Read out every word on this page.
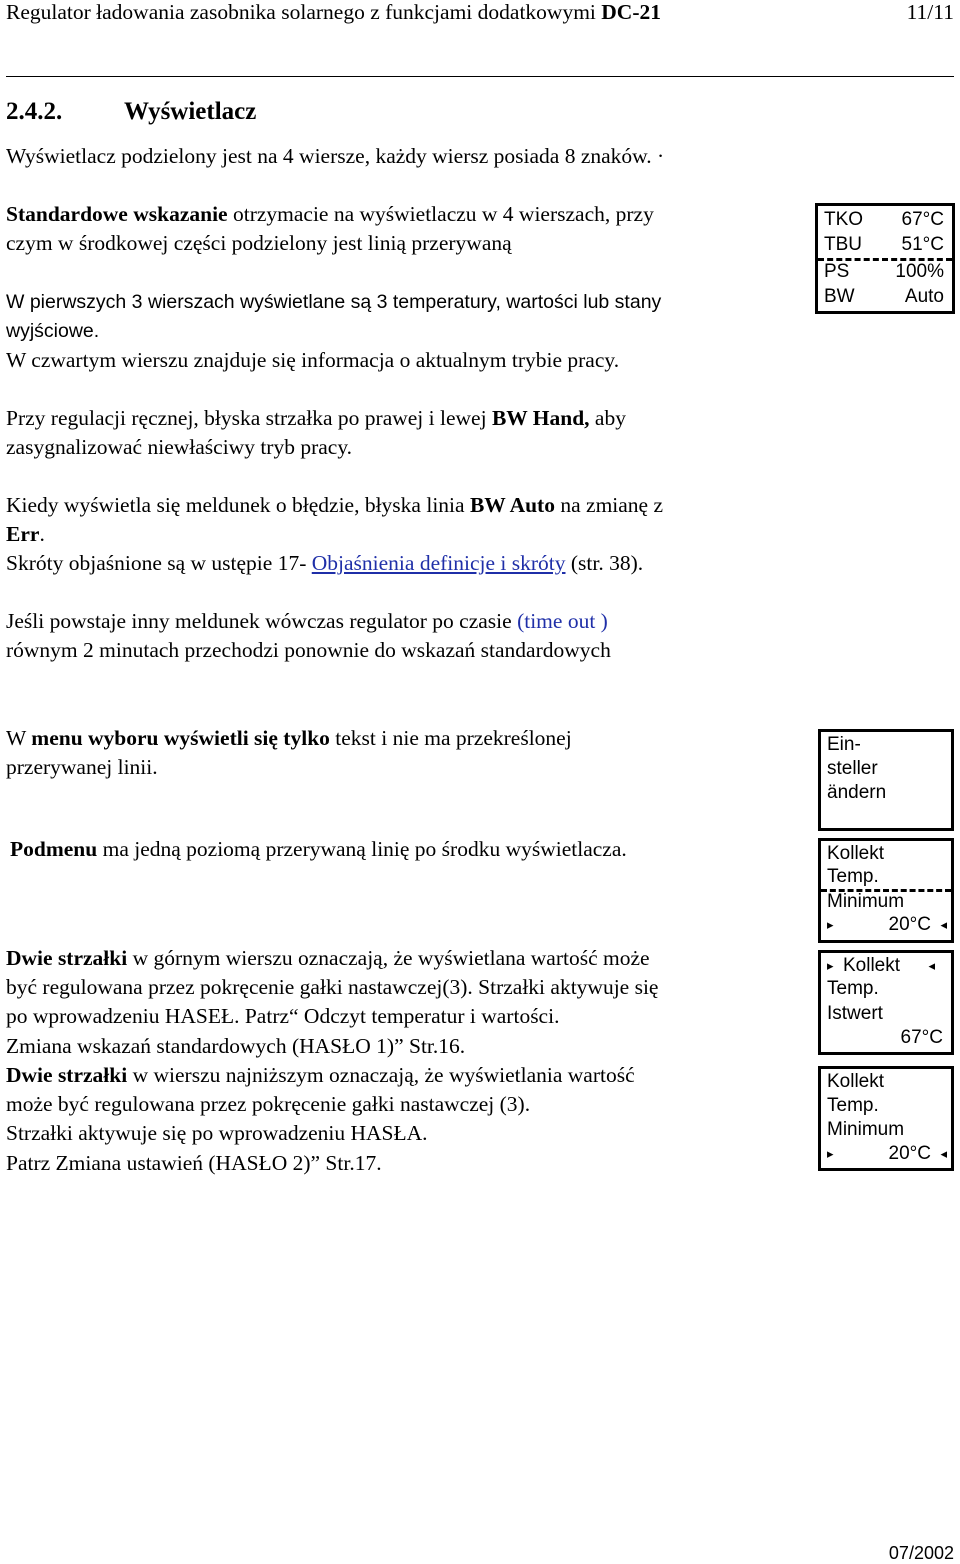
Regulator ładowania zasobnika solarnego z funkcjami dodatkowymi DC-21	11/11
2.4.2. Wyświetlacz
Wyświetlacz podzielony jest na 4 wiersze, każdy wiersz posiada 8 znaków. ·
Standardowe wskazanie otrzymacie na wyświetlaczu w 4 wierszach, przy
czym w środkowej części podzielony jest linią przerywaną
W pierwszych 3 wierszach wyświetlane są 3 temperatury, wartości lub stany
wyjściowe.
W czwartym wierszu znajduje się informacja o aktualnym trybie pracy.
Przy regulacji ręcznej, błyska strzałka po prawej i lewej BW Hand, aby
zasygnalizować niewłaściwy tryb pracy.
Kiedy wyświetla się meldunek o błędzie, błyska linia BW Auto na zmianę z
Err.
Skróty objaśnione są w ustępie 17- Objaśnienia definicje i skróty (str. 38).
Jeśli powstaje inny meldunek wówczas regulator po czasie (time out )
równym 2 minutach przechodzi ponownie do wskazań standardowych
W menu wyboru wyświetli się tylko tekst i nie ma przekreślonej
przerywanej linii.
Podmenu ma jedną poziomą przerywaną linię po środku wyświetlacza.
Dwie strzałki w górnym wierszu oznaczają, że wyświetlana wartość może
być regulowana przez pokręcenie gałki nastawczej(3). Strzałki aktywuje się
po wprowadzeniu HASEŁ. Patrz“ Odczyt temperatur i wartości.
Zmiana wskazań standardowych (HASŁO 1)” Str.16.
Dwie strzałki w wierszu najniższym oznaczają, że wyświetlania wartość
może być regulowana przez pokręcenie gałki nastawczej (3).
Strzałki aktywuje się po wprowadzeniu HASŁA.
Patrz Zmiana ustawień (HASŁO 2)” Str.17.
TKO 67°C
TBU 51°C
PS 100%
BW	Auto
Ein-
steller
ändern
Kollekt
Temp.
Minimum
▸	20°C ◂
▸ Kollekt ◂
Temp.
Istwert
67°C
Kollekt
Temp.
Minimum
▸	20°C ◂
07/2002
